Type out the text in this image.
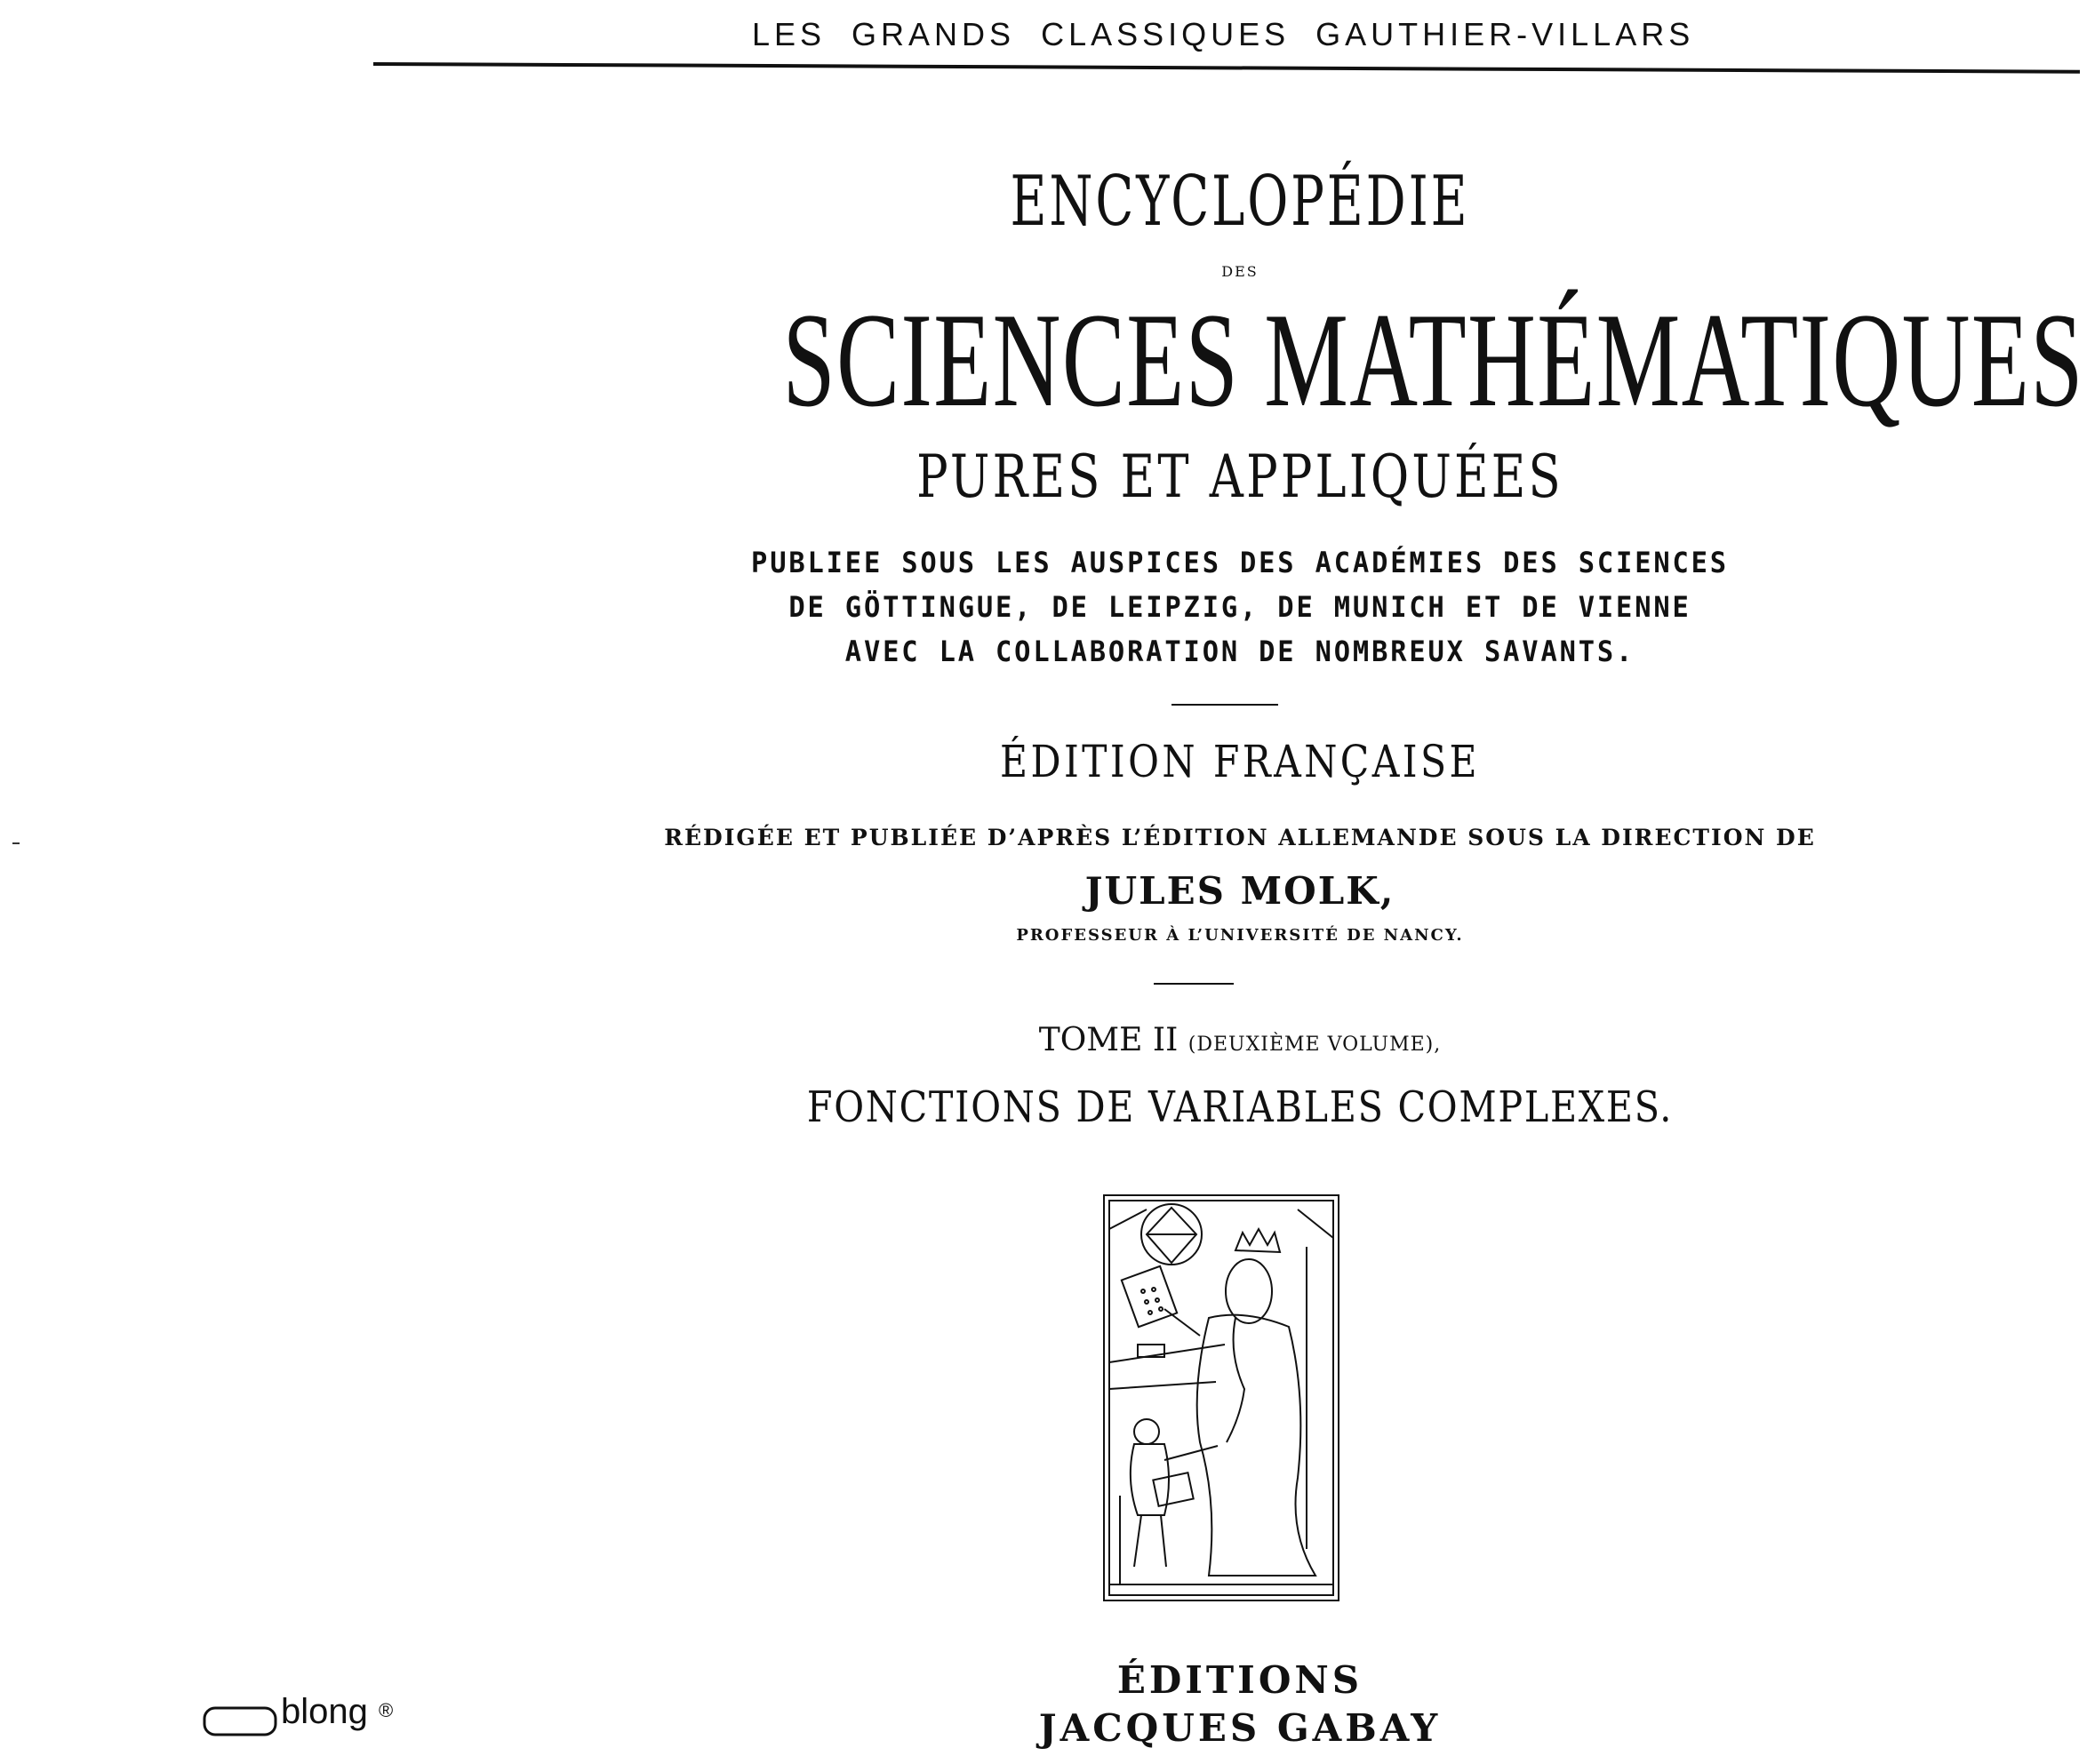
LES GRANDS CLASSIQUES GAUTHIER-VILLARS
ENCYCLOPÉDIE
DES
SCIENCES MATHÉMATIQUES
PURES ET APPLIQUÉES
PUBLIEE SOUS LES AUSPICES DES ACADÉMIES DES SCIENCES
DE GÖTTINGUE, DE LEIPZIG, DE MUNICH ET DE VIENNE
AVEC LA COLLABORATION DE NOMBREUX SAVANTS.
ÉDITION FRANÇAISE
RÉDIGÉE ET PUBLIÉE D’APRÈS L’ÉDITION ALLEMANDE SOUS LA DIRECTION DE
JULES MOLK,
PROFESSEUR À L’UNIVERSITÉ DE NANCY.
TOME II (DEUXIÈME VOLUME),
FONCTIONS DE VARIABLES COMPLEXES.
ÉDITIONS
JACQUES GABAY
blong ®
